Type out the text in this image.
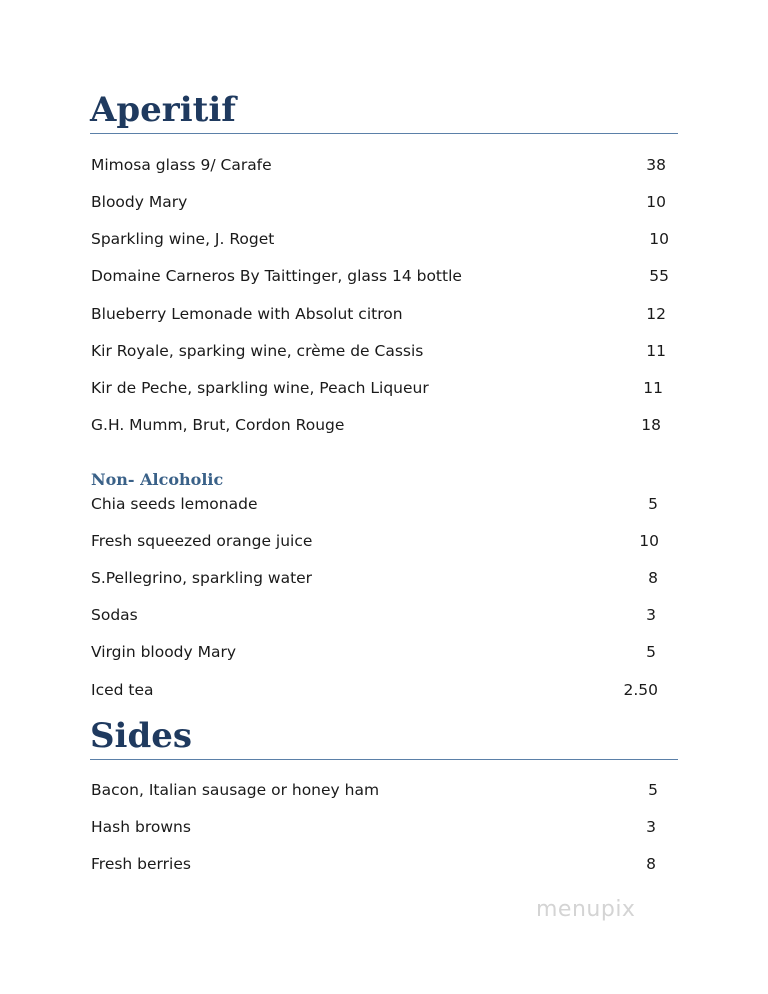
Aperitif
Mimosa glass 9/ Carafe	38
Bloody Mary	10
Sparkling wine, J. Roget	10
Domaine Carneros By Taittinger, glass 14 bottle	55
Blueberry Lemonade with Absolut citron	12
Kir Royale, sparking wine, crème de Cassis	11
Kir de Peche, sparkling wine, Peach Liqueur	11
G.H. Mumm, Brut, Cordon Rouge	18
Non- Alcoholic
Chia seeds lemonade	5
Fresh squeezed orange juice	10
S.Pellegrino, sparkling water	8
Sodas	3
Virgin bloody Mary	5
Iced tea	2.50
Sides
Bacon, Italian sausage or honey ham	5
Hash browns	3
Fresh berries	8
menupix
